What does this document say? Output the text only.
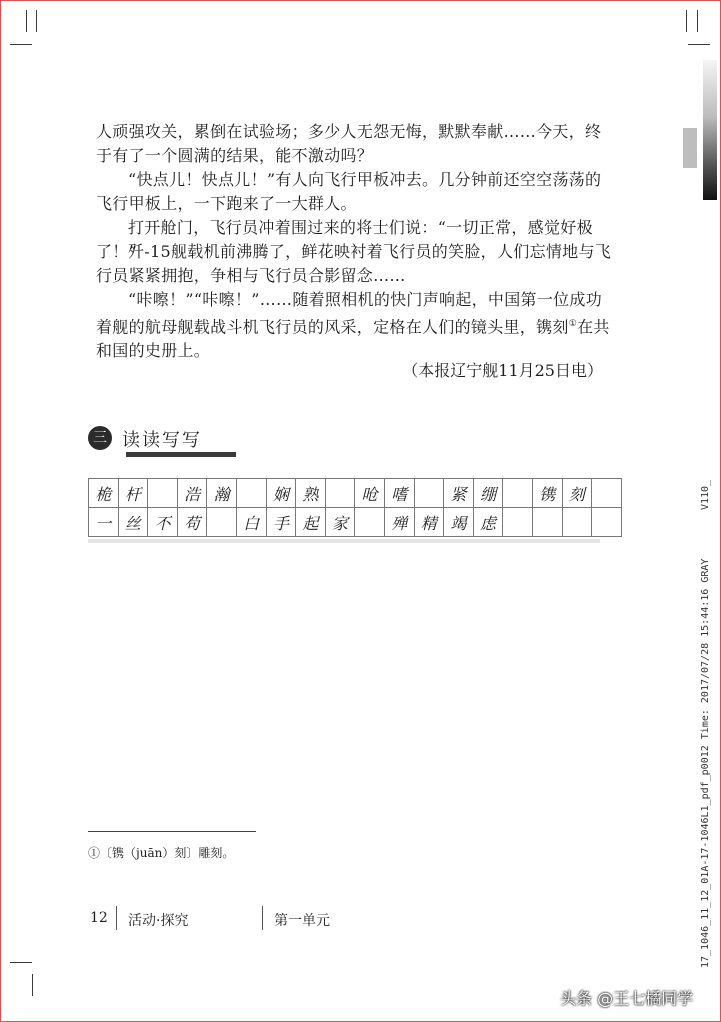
人顽强攻关，累倒在试验场；多少人无怨无悔，默默奉献……今天，终于有了一个圆满的结果，能不激动吗？
“快点儿！快点儿！”有人向飞行甲板冲去。几分钟前还空空荡荡的飞行甲板上，一下跑来了一大群人。
打开舱门，飞行员冲着围过来的将士们说：“一切正常，感觉好极了！”
歼-15舰载机前沸腾了，鲜花映衬着飞行员的笑脸，人们忘情地与飞行员紧紧拥抱，争相与飞行员合影留念……
“咔嚓！”“咔嚓！”……随着照相机的快门声响起，中国第一位成功着舰的航母舰载战斗机飞行员的风采，定格在人们的镜头里，镌刻①在共和国的史册上。
（本报辽宁舰11月25日电）
三 读读写写
桅	杆		浩	瀚		娴	熟		呛	嗜		紧	绷		镌	刻	
一	丝	不	苟		白	手	起	家		殚	精	竭	虑				
①〔镌（juān）刻〕雕刻。
12 活动·探究	第一单元
V110_
17_1046_11_12_01A-17-1046L1_pdf_p0012 Time: 2017/07/28 15:44:16 GRAY
头条 @王七橘同学
